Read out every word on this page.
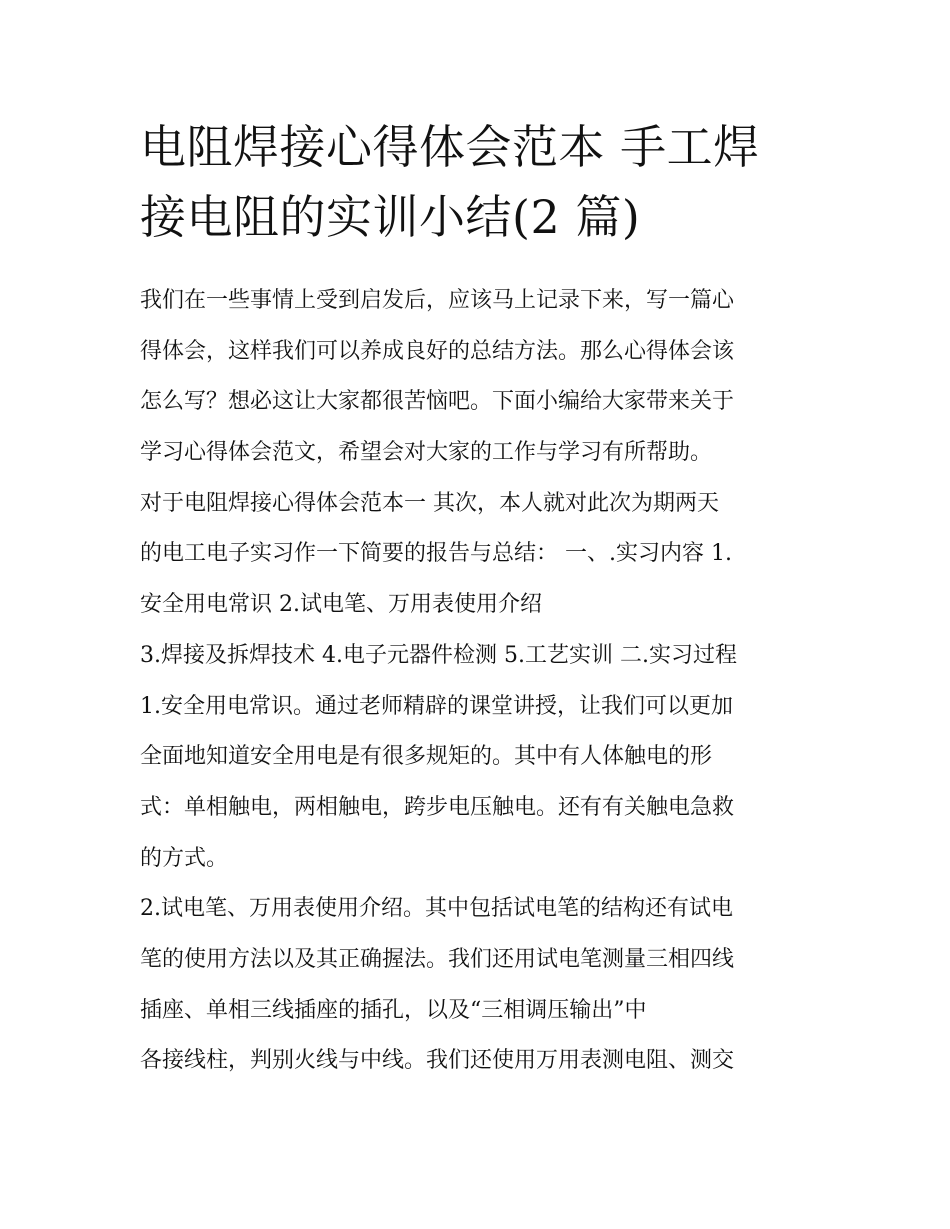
电阻焊接心得体会范本 手工焊
接电阻的实训小结(2 篇)
我们在一些事情上受到启发后，应该马上记录下来，写一篇心
得体会，这样我们可以养成良好的总结方法。那么心得体会该
怎么写？想必这让大家都很苦恼吧。下面小编给大家带来关于
学习心得体会范文，希望会对大家的工作与学习有所帮助。
对于电阻焊接心得体会范本一 其次，本人就对此次为期两天
的电工电子实习作一下简要的报告与总结： 一、.实习内容 1.
安全用电常识 2.试电笔、万用表使用介绍
3.焊接及拆焊技术 4.电子元器件检测 5.工艺实训 二.实习过程
1.安全用电常识。通过老师精辟的课堂讲授，让我们可以更加
全面地知道安全用电是有很多规矩的。其中有人体触电的形
式：单相触电，两相触电，跨步电压触电。还有有关触电急救
的方式。
2.试电笔、万用表使用介绍。其中包括试电笔的结构还有试电
笔的使用方法以及其正确握法。我们还用试电笔测量三相四线
插座、单相三线插座的插孔，以及“三相调压输出”中
各接线柱，判别火线与中线。我们还使用万用表测电阻、测交
